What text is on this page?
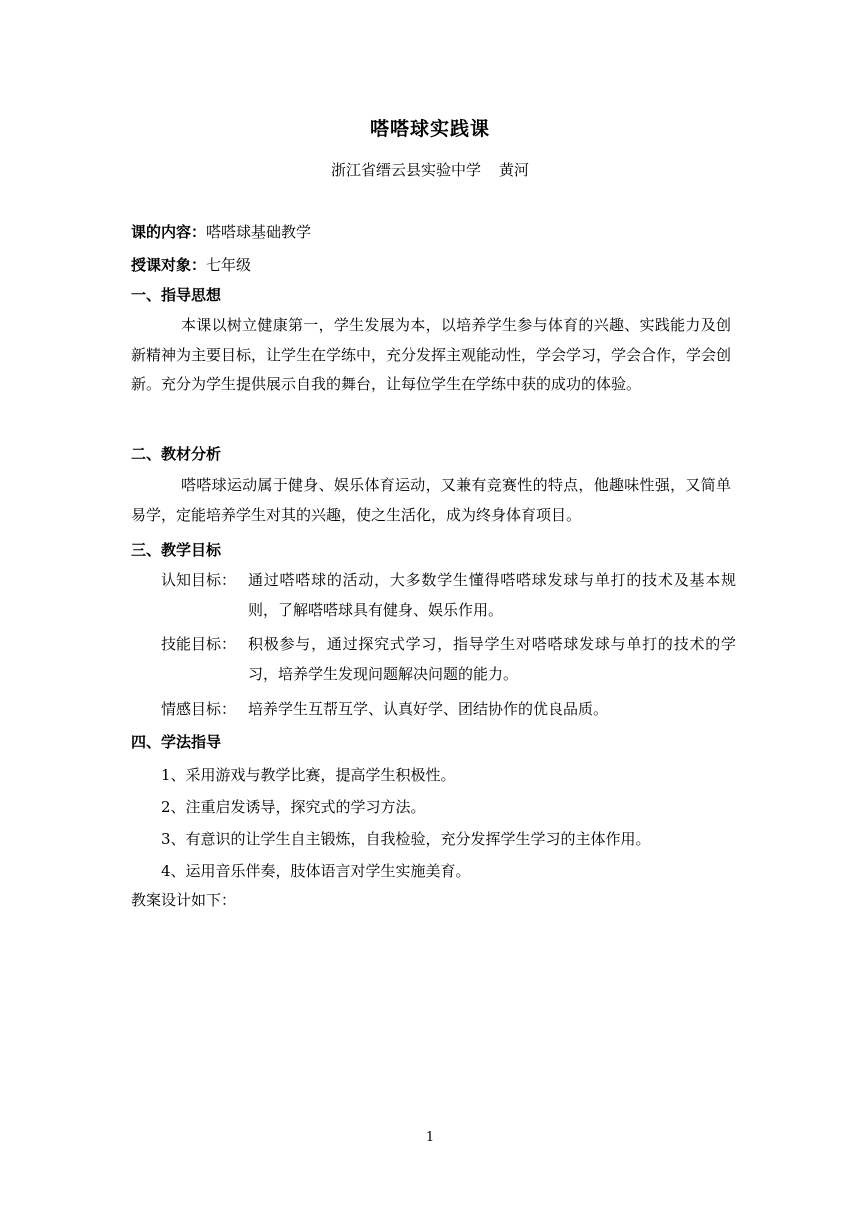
嗒嗒球实践课
浙江省缙云县实验中学 黄河
课的内容：嗒嗒球基础教学
授课对象：七年级
一、指导思想
本课以树立健康第一，学生发展为本，以培养学生参与体育的兴趣、实践能力及创新精神为主要目标，让学生在学练中，充分发挥主观能动性，学会学习，学会合作，学会创新。充分为学生提供展示自我的舞台，让每位学生在学练中获的成功的体验。
二、教材分析
嗒嗒球运动属于健身、娱乐体育运动，又兼有竞赛性的特点，他趣味性强，又简单易学，定能培养学生对其的兴趣，使之生活化，成为终身体育项目。
三、教学目标
认知目标： 通过嗒嗒球的活动，大多数学生懂得嗒嗒球发球与单打的技术及基本规则，了解嗒嗒球具有健身、娱乐作用。
技能目标： 积极参与，通过探究式学习，指导学生对嗒嗒球发球与单打的技术的学习，培养学生发现问题解决问题的能力。
情感目标： 培养学生互帮互学、认真好学、团结协作的优良品质。
四、学法指导
1、采用游戏与教学比赛，提高学生积极性。
2、注重启发诱导，探究式的学习方法。
3、有意识的让学生自主锻炼，自我检验，充分发挥学生学习的主体作用。
4、运用音乐伴奏，肢体语言对学生实施美育。
教案设计如下：
1
